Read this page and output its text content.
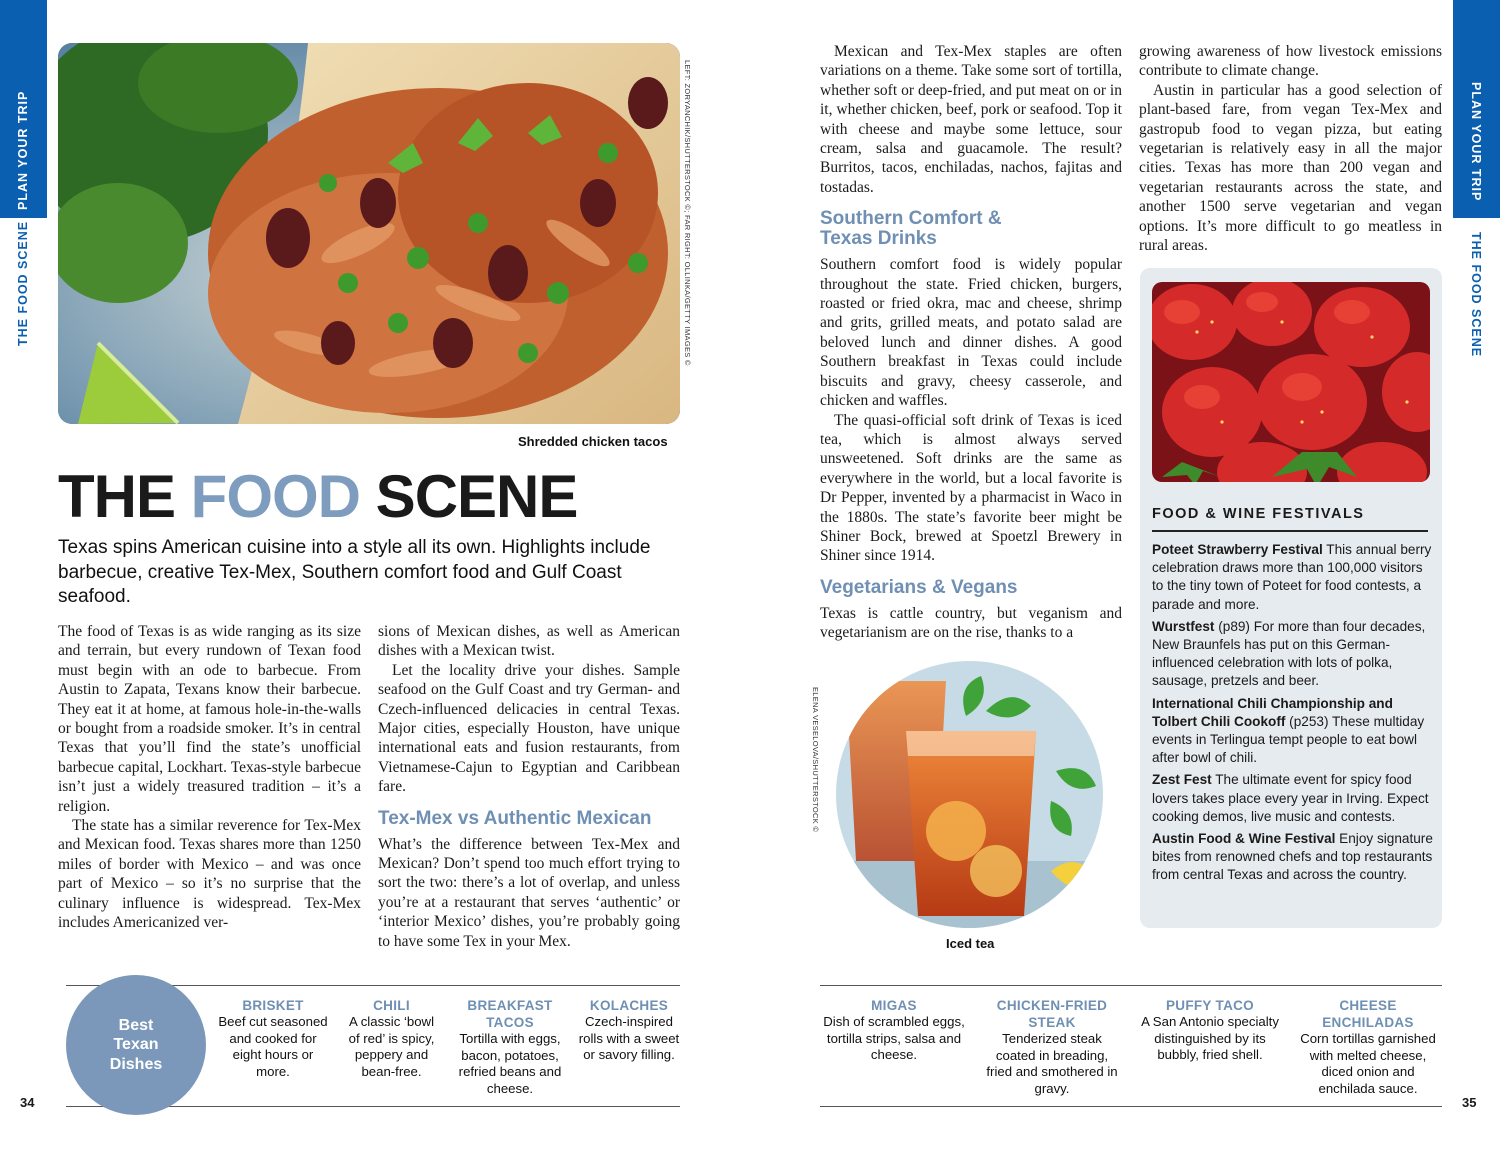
PLAN YOUR TRIP
THE FOOD SCENE
PLAN YOUR TRIP
THE FOOD SCENE
LEFT: ZORYANCHIK/SHUTTERSTOCK ©; FAR RIGHT: OLLINKA/GETTY IMAGES ©
Shredded chicken tacos
THE FOOD SCENE
Texas spins American cuisine into a style all its own. Highlights include barbecue, creative Tex-Mex, Southern comfort food and Gulf Coast seafood.

The food of Texas is as wide ranging as its size and terrain, but every rundown of Texan food must begin with an ode to barbecue. From Austin to Zapata, Texans know their barbecue. They eat it at home, at famous hole-in-the-walls or bought from a roadside smoker. It’s in central Texas that you’ll find the state’s unofficial barbecue capital, Lockhart. Texas-style barbecue isn’t just a widely treasured tradition – it’s a religion.

The state has a similar reverence for Tex-Mex and Mexican food. Texas shares more than 1250 miles of border with Mexico – and was once part of Mexico – so it’s no surprise that the culinary influence is widespread. Tex-Mex includes Americanized ver-

sions of Mexican dishes, as well as American dishes with a Mexican twist.

Let the locality drive your dishes. Sample seafood on the Gulf Coast and try German- and Czech-influenced delicacies in central Texas. Major cities, especially Houston, have unique international eats and fusion restaurants, from Vietnamese-Cajun to Egyptian and Caribbean fare.

Tex-Mex vs Authentic Mexican

What’s the difference between Tex-Mex and Mexican? Don’t spend too much effort trying to sort the two: there’s a lot of overlap, and unless you’re at a restaurant that serves ‘authentic’ or ‘interior Mexico’ dishes, you’re probably going to have some Tex in your Mex.

Mexican and Tex-Mex staples are often variations on a theme. Take some sort of tortilla, whether soft or deep-fried, and put meat on or in it, whether chicken, beef, pork or seafood. Top it with cheese and maybe some lettuce, sour cream, salsa and guacamole. The result? Burritos, tacos, enchiladas, nachos, fajitas and tostadas.

Southern Comfort & Texas Drinks

Southern comfort food is widely popular throughout the state. Fried chicken, burgers, roasted or fried okra, mac and cheese, shrimp and grits, grilled meats, and potato salad are beloved lunch and dinner dishes. A good Southern breakfast in Texas could include biscuits and gravy, cheesy casserole, and chicken and waffles.

The quasi-official soft drink of Texas is iced tea, which is almost always served unsweetened. Soft drinks are the same as everywhere in the world, but a local favorite is Dr Pepper, invented by a pharmacist in Waco in the 1880s. The state’s favorite beer might be Shiner Bock, brewed at Spoetzl Brewery in Shiner since 1914.

Vegetarians & Vegans

Texas is cattle country, but veganism and vegetarianism are on the rise, thanks to a

growing awareness of how livestock emissions contribute to climate change.

Austin in particular has a good selection of plant-based fare, from vegan Tex-Mex and gastropub food to vegan pizza, but eating vegetarian is relatively easy in all the major cities. Texas has more than 200 vegan and vegetarian restaurants across the state, and another 1500 serve vegetarian and vegan options. It’s more difficult to go meatless in rural areas.

ELENA VESELOVA/SHUTTERSTOCK ©
Iced tea
FOOD & WINE FESTIVALS
Poteet Strawberry Festival This annual berry celebration draws more than 100,000 visitors to the tiny town of Poteet for food contests, a parade and more.
Wurstfest (p89) For more than four decades, New Braunfels has put on this German-influenced celebration with lots of polka, sausage, pretzels and beer.
International Chili Championship and Tolbert Chili Cookoff (p253) These multiday events in Terlingua tempt people to eat bowl after bowl of chili.
Zest Fest The ultimate event for spicy food lovers takes place every year in Irving. Expect cooking demos, live music and contests.
Austin Food & Wine Festival Enjoy signature bites from renowned chefs and top restaurants from central Texas and across the country.
Best
Texan
Dishes
BRISKET
Beef cut seasoned and cooked for eight hours or more.
CHILI
A classic ‘bowl of red’ is spicy, peppery and bean-free.
BREAKFAST TACOS
Tortilla with eggs, bacon, potatoes, refried beans and cheese.
KOLACHES
Czech-inspired rolls with a sweet or savory filling.
MIGAS
Dish of scrambled eggs, tortilla strips, salsa and cheese.
CHICKEN-FRIED STEAK
Tenderized steak coated in breading, fried and smothered in gravy.
PUFFY TACO
A San Antonio specialty distinguished by its bubbly, fried shell.
CHEESE ENCHILADAS
Corn tortillas garnished with melted cheese, diced onion and enchilada sauce.
34	35
